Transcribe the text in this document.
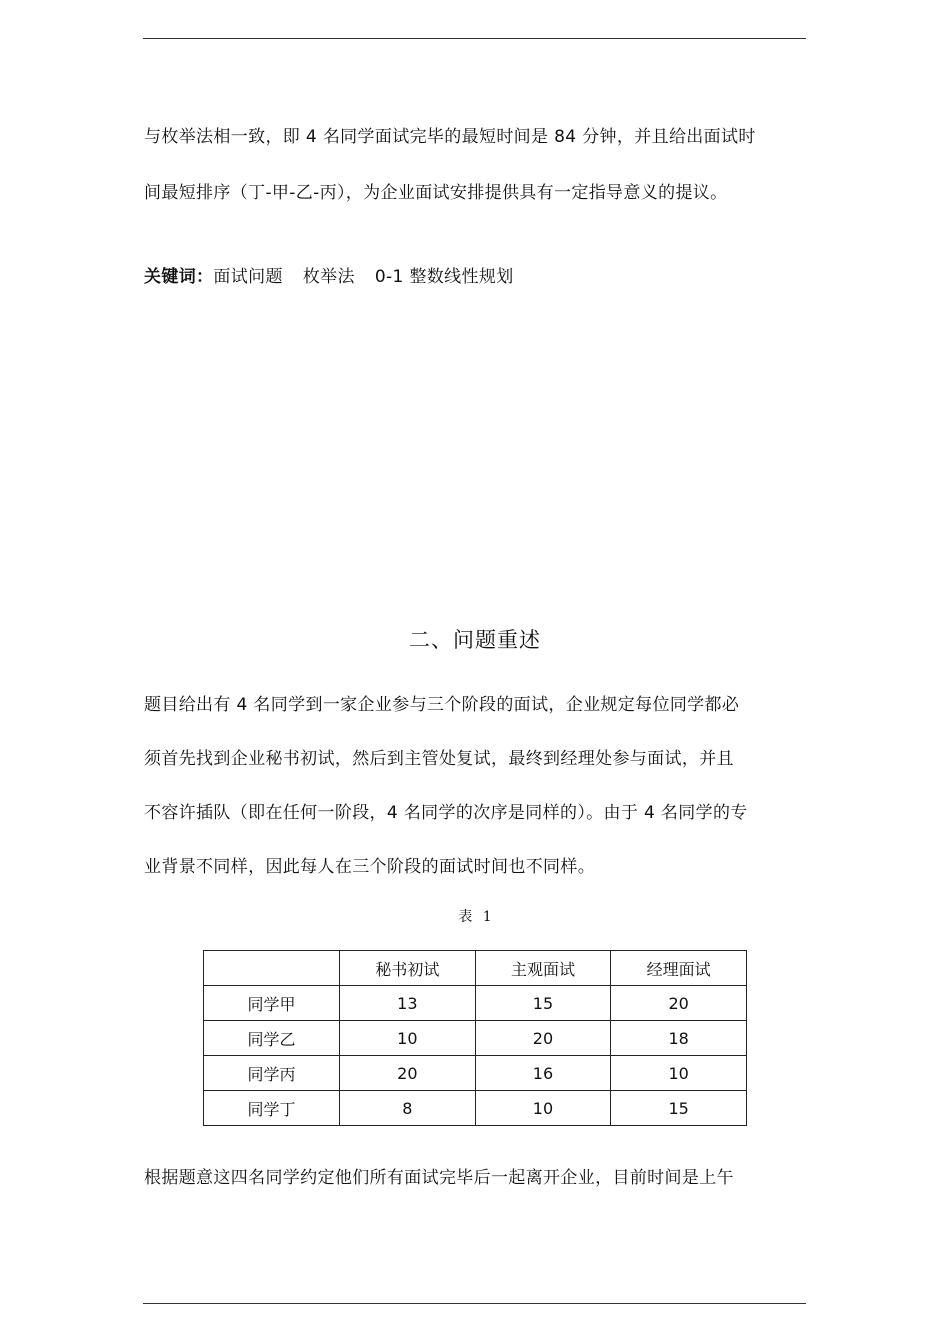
与枚举法相一致，即 4 名同学面试完毕的最短时间是 84 分钟，并且给出面试时
间最短排序（丁-甲-乙-丙），为企业面试安排提供具有一定指导意义的提议。
关键词：面试问题 枚举法 0-1 整数线性规划
二、问题重述
题目给出有 4 名同学到一家企业参与三个阶段的面试，企业规定每位同学都必
须首先找到企业秘书初试，然后到主管处复试，最终到经理处参与面试，并且
不容许插队（即在任何一阶段，4 名同学的次序是同样的）。由于 4 名同学的专
业背景不同样，因此每人在三个阶段的面试时间也不同样。
表 1
	秘书初试	主观面试	经理面试
同学甲	13	15	20
同学乙	10	20	18
同学丙	20	16	10
同学丁	8	10	15
根据题意这四名同学约定他们所有面试完毕后一起离开企业，目前时间是上午
